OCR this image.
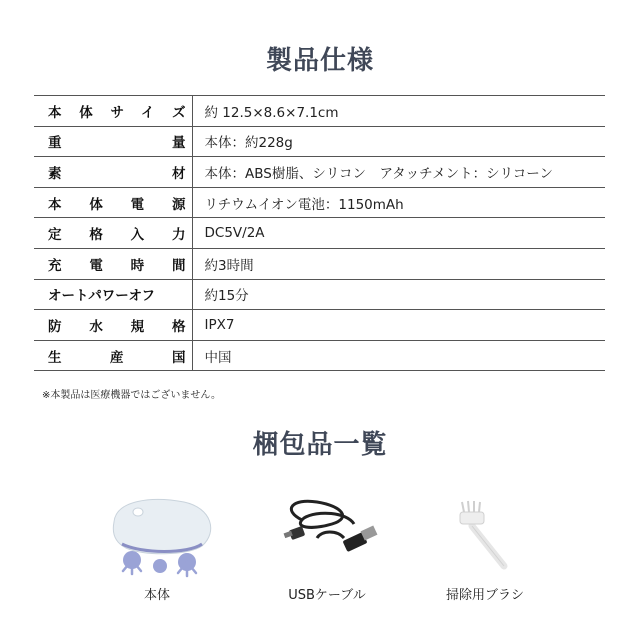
製品仕様
本体サイズ	約 12.5×8.6×7.1cm
重量	本体：約228g
素材	本体：ABS樹脂、シリコン　アタッチメント：シリコーン
本体電源	リチウムイオン電池：1150mAh
定格入力	DC5V/2A
充電時間	約3時間
オートパワーオフ	約15分
防水規格	IPX7
生産国	中国
※本製品は医療機器ではございません。
梱包品一覧
本体	USBケーブル	掃除用ブラシ
